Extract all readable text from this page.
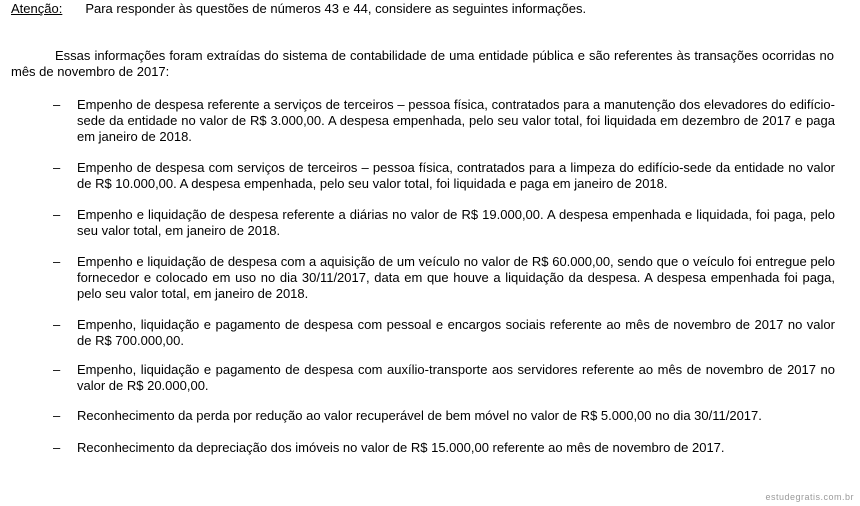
Atenção: Para responder às questões de números 43 e 44, considere as seguintes informações.
Essas informações foram extraídas do sistema de contabilidade de uma entidade pública e são referentes às transações ocorridas no mês de novembro de 2017:
– Empenho de despesa referente a serviços de terceiros – pessoa física, contratados para a manutenção dos elevadores do edifício-sede da entidade no valor de R$ 3.000,00. A despesa empenhada, pelo seu valor total, foi liquidada em dezembro de 2017 e paga em janeiro de 2018.
– Empenho de despesa com serviços de terceiros – pessoa física, contratados para a limpeza do edifício-sede da entidade no valor de R$ 10.000,00. A despesa empenhada, pelo seu valor total, foi liquidada e paga em janeiro de 2018.
– Empenho e liquidação de despesa referente a diárias no valor de R$ 19.000,00. A despesa empenhada e liquidada, foi paga, pelo seu valor total, em janeiro de 2018.
– Empenho e liquidação de despesa com a aquisição de um veículo no valor de R$ 60.000,00, sendo que o veículo foi entregue pelo fornecedor e colocado em uso no dia 30/11/2017, data em que houve a liquidação da despesa. A despesa empenhada foi paga, pelo seu valor total, em janeiro de 2018.
– Empenho, liquidação e pagamento de despesa com pessoal e encargos sociais referente ao mês de novembro de 2017 no valor de R$ 700.000,00.
– Empenho, liquidação e pagamento de despesa com auxílio-transporte aos servidores referente ao mês de novembro de 2017 no valor de R$ 20.000,00.
– Reconhecimento da perda por redução ao valor recuperável de bem móvel no valor de R$ 5.000,00 no dia 30/11/2017.
– Reconhecimento da depreciação dos imóveis no valor de R$ 15.000,00 referente ao mês de novembro de 2017.
estudegratis.com.br
